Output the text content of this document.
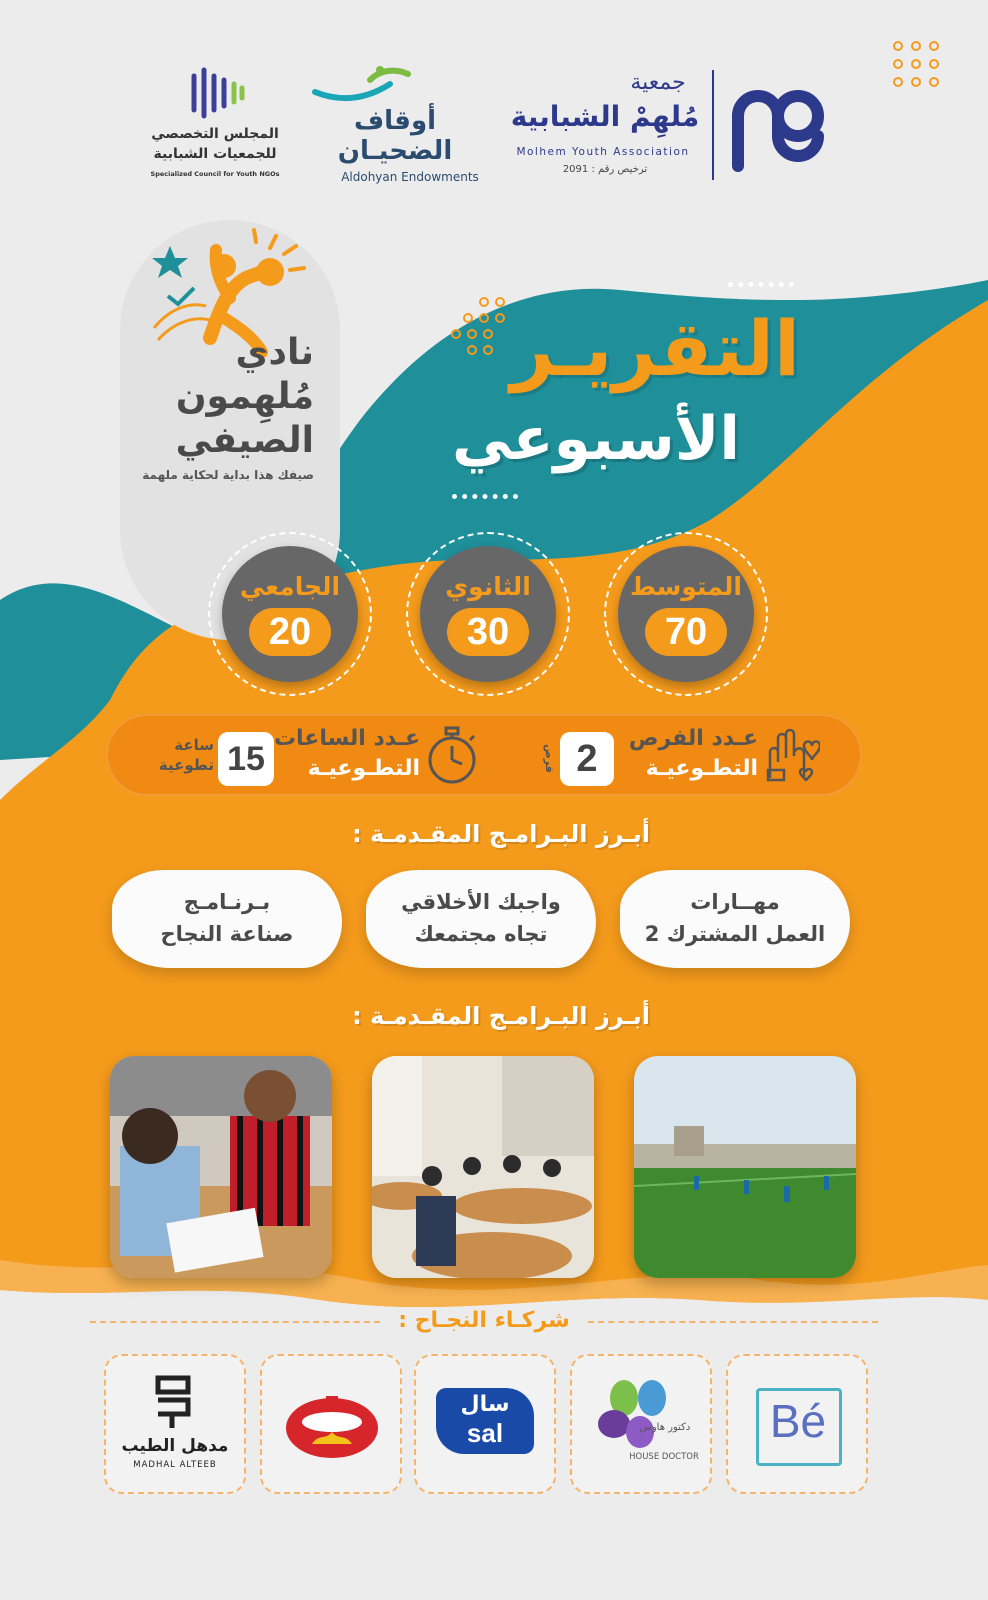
جمعية
مُلهِمْ الشبابية
Molhem Youth Association
ترخيص رقم : 2091
أوقاف
الضحيـان
Aldohyan Endowments
المجلس التخصصي
للجمعيات الشبابية
Specialized Council for Youth NGOs
نادي
مُلهِمون
الصيفي
صيفك هذا بداية لحكاية ملهمة
التقريـر
الأسبوعي
المتوسط
70
الثانوي
30
الجامعي
20
عـدد الفرص
التطـوعيـة
2
فرص
عـدد الساعات
التطـوعيـة
15
ساعة
تطوعية
أبـرز البـرامـج المقـدمـة :
مهــارات
العمل المشترك 2
واجبك الأخلاقي
تجاه مجتمعك
بـرنـامـج
صناعة النجاح
أبـرز البـرامـج المقـدمـة :
شركـاء النجـاح :
Bé
دكتور هاوس
HOUSE DOCTOR
سال
sal
مدهل الطيب
MADHAL ALTEEB
